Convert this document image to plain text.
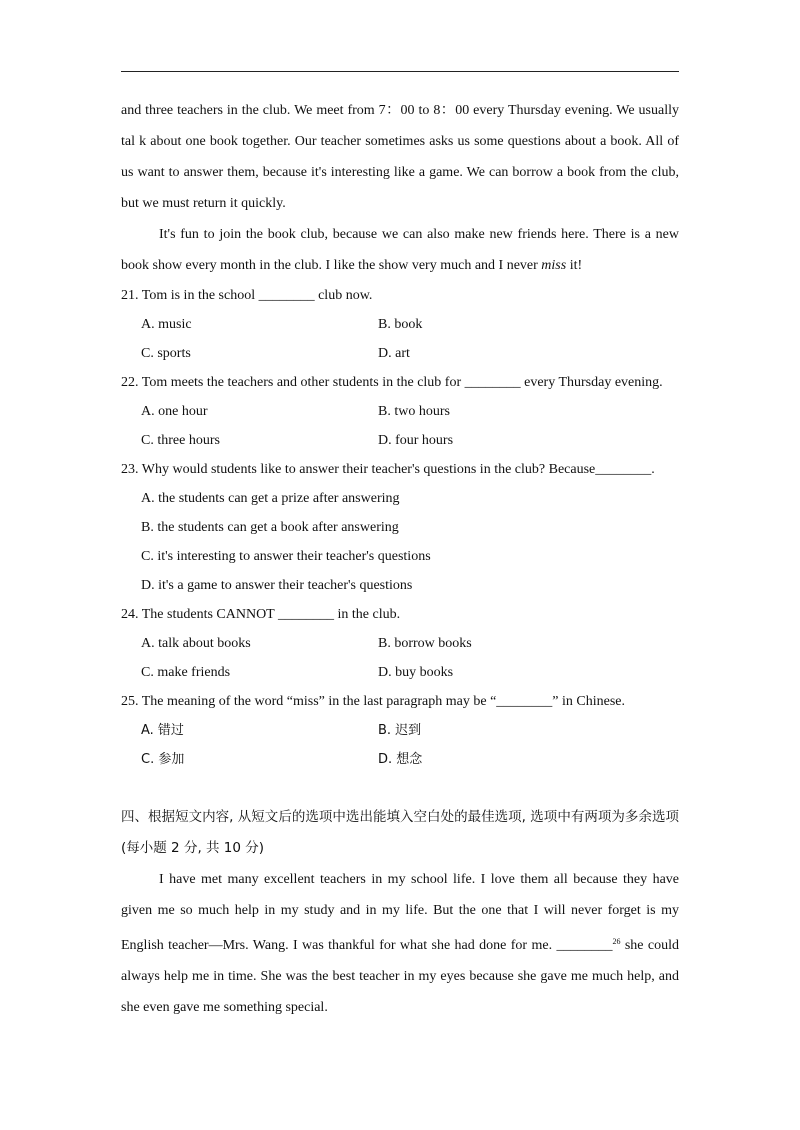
and three teachers in the club. We meet from 7：00 to 8：00 every Thursday evening. We usually tal k about one book together. Our teacher sometimes asks us some questions about a book. All of us want to answer them, because it's interesting like a game. We can borrow a book from the club, but we must return it quickly.

It's fun to join the book club, because we can also make new friends here. There is a new book show every month in the club. I like the show very much and I never miss it!

21. Tom is in the school ________ club now.

A. music	B. book
C. sports	D. art

22. Tom meets the teachers and other students in the club for ________ every Thursday evening.

A. one hour	B. two hours
C. three hours	D. four hours

23. Why would students like to answer their teacher's questions in the club? Because________.

A. the students can get a prize after answering
B. the students can get a book after answering
C. it's interesting to answer their teacher's questions
D. it's a game to answer their teacher's questions

24. The students CANNOT ________ in the club.

A. talk about books	B. borrow books
C. make friends	D. buy books

25. The meaning of the word “miss” in the last paragraph may be “________” in Chinese.

A. 错过	B. 迟到
C. 参加	D. 想念

四、根据短文内容, 从短文后的选项中选出能填入空白处的最佳选项, 选项中有两项为多余选项(每小题 2 分, 共 10 分)

I have met many excellent teachers in my school life. I love them all because they have given me so much help in my study and in my life. But the one that I will never forget is my English teacher—Mrs. Wang. I was thankful for what she had done for me. ________$^{26}$ she could always help me in time. She was the best teacher in my eyes because she gave me much help, and she even gave me something special.
